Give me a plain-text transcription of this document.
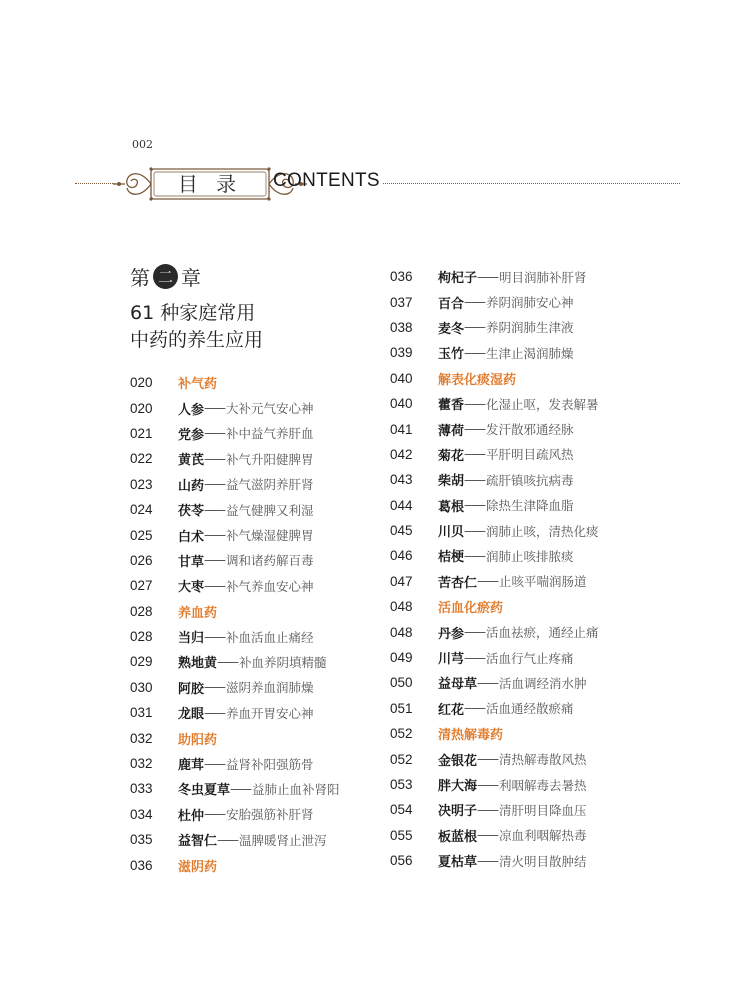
002
目 录	CONTENTS
第 二 章
61 种家庭常用
中药的养生应用
020	补气药
020	人参 —— 大补元气安心神
021	党参 —— 补中益气养肝血
022	黄芪 —— 补气升阳健脾胃
023	山药 —— 益气滋阴养肝肾
024	茯苓 —— 益气健脾又利湿
025	白术 —— 补气燥湿健脾胃
026	甘草 —— 调和诸药解百毒
027	大枣 —— 补气养血安心神
028	养血药
028	当归 —— 补血活血止痛经
029	熟地黄 —— 补血养阴填精髓
030	阿胶 —— 滋阴养血润肺燥
031	龙眼 —— 养血开胃安心神
032	助阳药
032	鹿茸 —— 益肾补阳强筋骨
033	冬虫夏草 —— 益肺止血补肾阳
034	杜仲 —— 安胎强筋补肝肾
035	益智仁 —— 温脾暖肾止泄泻
036	滋阴药
036	枸杞子 —— 明目润肺补肝肾
037	百合 —— 养阴润肺安心神
038	麦冬 —— 养阴润肺生津液
039	玉竹 —— 生津止渴润肺燥
040	解表化痰湿药
040	藿香 —— 化湿止呕，发表解暑
041	薄荷 —— 发汗散邪通经脉
042	菊花 —— 平肝明目疏风热
043	柴胡 —— 疏肝镇咳抗病毒
044	葛根 —— 除热生津降血脂
045	川贝 —— 润肺止咳，清热化痰
046	桔梗 —— 润肺止咳排脓痰
047	苦杏仁 —— 止咳平喘润肠道
048	活血化瘀药
048	丹参 —— 活血祛瘀，通经止痛
049	川芎 —— 活血行气止疼痛
050	益母草 —— 活血调经消水肿
051	红花 —— 活血通经散瘀痛
052	清热解毒药
052	金银花 —— 清热解毒散风热
053	胖大海 —— 利咽解毒去暑热
054	决明子 —— 清肝明目降血压
055	板蓝根 —— 凉血利咽解热毒
056	夏枯草 —— 清火明目散肿结
